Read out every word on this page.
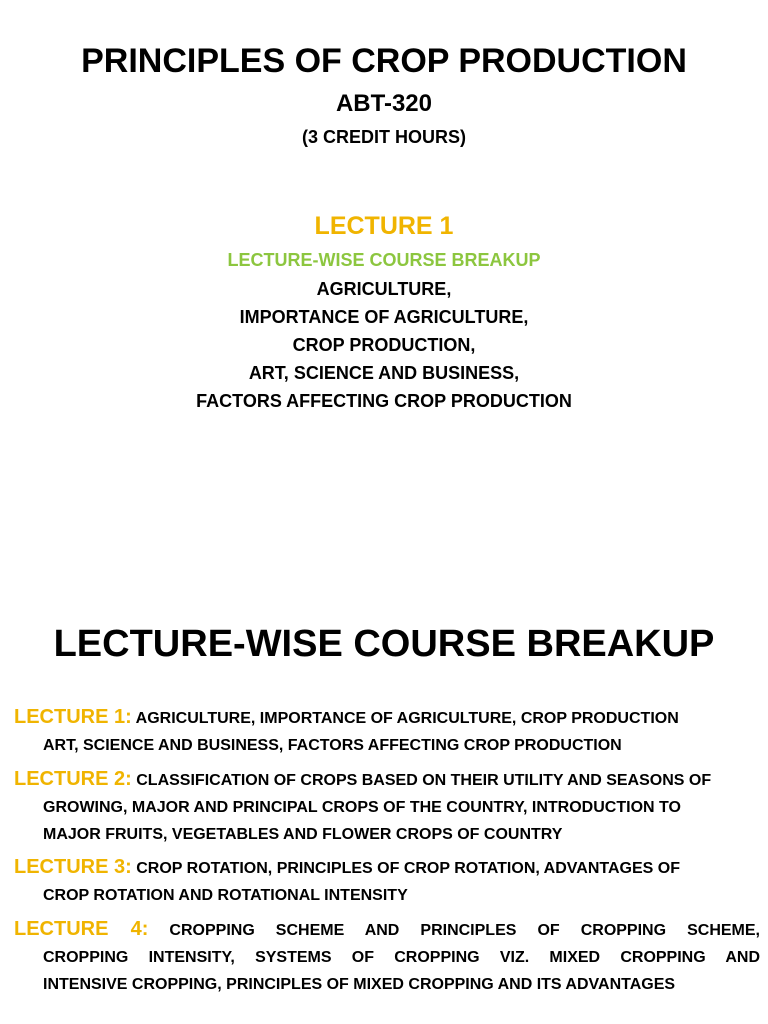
PRINCIPLES OF CROP PRODUCTION
ABT-320
(3 CREDIT HOURS)
LECTURE 1
LECTURE-WISE COURSE BREAKUP
AGRICULTURE,
IMPORTANCE OF AGRICULTURE,
CROP PRODUCTION,
ART, SCIENCE AND BUSINESS,
FACTORS AFFECTING CROP PRODUCTION
LECTURE-WISE COURSE BREAKUP
LECTURE 1: AGRICULTURE, IMPORTANCE OF AGRICULTURE, CROP PRODUCTION
ART, SCIENCE AND BUSINESS, FACTORS AFFECTING CROP PRODUCTION
LECTURE 2: CLASSIFICATION OF CROPS BASED ON THEIR UTILITY AND SEASONS OF
GROWING, MAJOR AND PRINCIPAL CROPS OF THE COUNTRY, INTRODUCTION TO
MAJOR FRUITS, VEGETABLES AND FLOWER CROPS OF COUNTRY
LECTURE 3: CROP ROTATION, PRINCIPLES OF CROP ROTATION, ADVANTAGES OF
CROP ROTATION AND ROTATIONAL INTENSITY
LECTURE 4: CROPPING SCHEME AND PRINCIPLES OF CROPPING SCHEME,
CROPPING INTENSITY, SYSTEMS OF CROPPING VIZ. MIXED CROPPING AND
INTENSIVE CROPPING, PRINCIPLES OF MIXED CROPPING AND ITS ADVANTAGES
